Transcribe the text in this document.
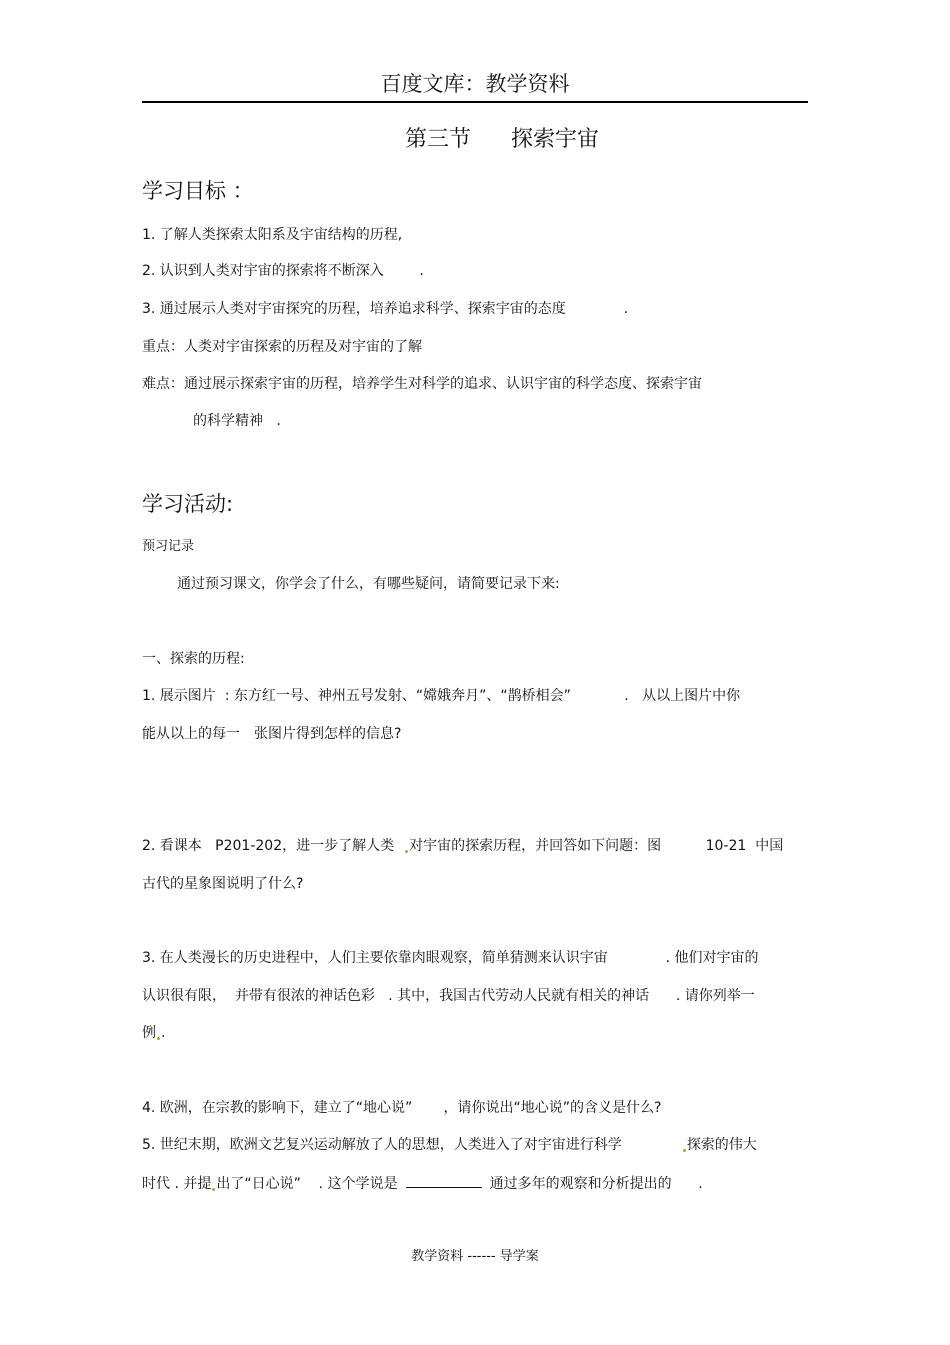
百度文库：教学资料
第三节 探索宇宙
学习目标 ：
1. 了解人类探索太阳系及宇宙结构的历程,
2. 认识到人类对宇宙的探索将不断深入        .
3. 通过展示人类对宇宙探究的历程，培养追求科学、探索宇宙的态度             .
重点：人类对宇宙探索的历程及对宇宙的了解
难点：通过展示探索宇宙的历程，培养学生对科学的追求、认识宇宙的科学态度、探索宇宙
的科学精神   .
学习活动:
预习记录
通过预习课文，你学会了什么，有哪些疑问，请简要记录下来:
一、探索的历程:
1. 展示图片  : 东方红一号、神州五号发射、“嫦娥奔月”、“鹊桥相会”            .   从以上图片中你
能从以上的每一 张图片得到怎样的信息?
2. 看课本   P201-202，进一步了解人类 对宇宙的探索历程，并回答如下问题：图          10-21  中国
古代的星象图说明了什么?
3. 在人类漫长的历史进程中，人们主要依靠肉眼观察，简单猜测来认识宇宙             . 他们对宇宙的
认识很有限，  并带有很浓的神话色彩   . 其中，我国古代劳动人民就有相关的神话      . 请你列举一
例 .
4. 欧洲，在宗教的影响下，建立了“地心说”       ，请你说出“地心说”的含义是什么?
5. 世纪末期，欧洲文艺复兴运动解放了人的思想，人类进入了对宇宙进行科学	探索的伟大
时代 . 并提 出了“日心说”    . 这个学说是	通过多年的观察和分析提出的      .
教学资料 ------ 导学案
